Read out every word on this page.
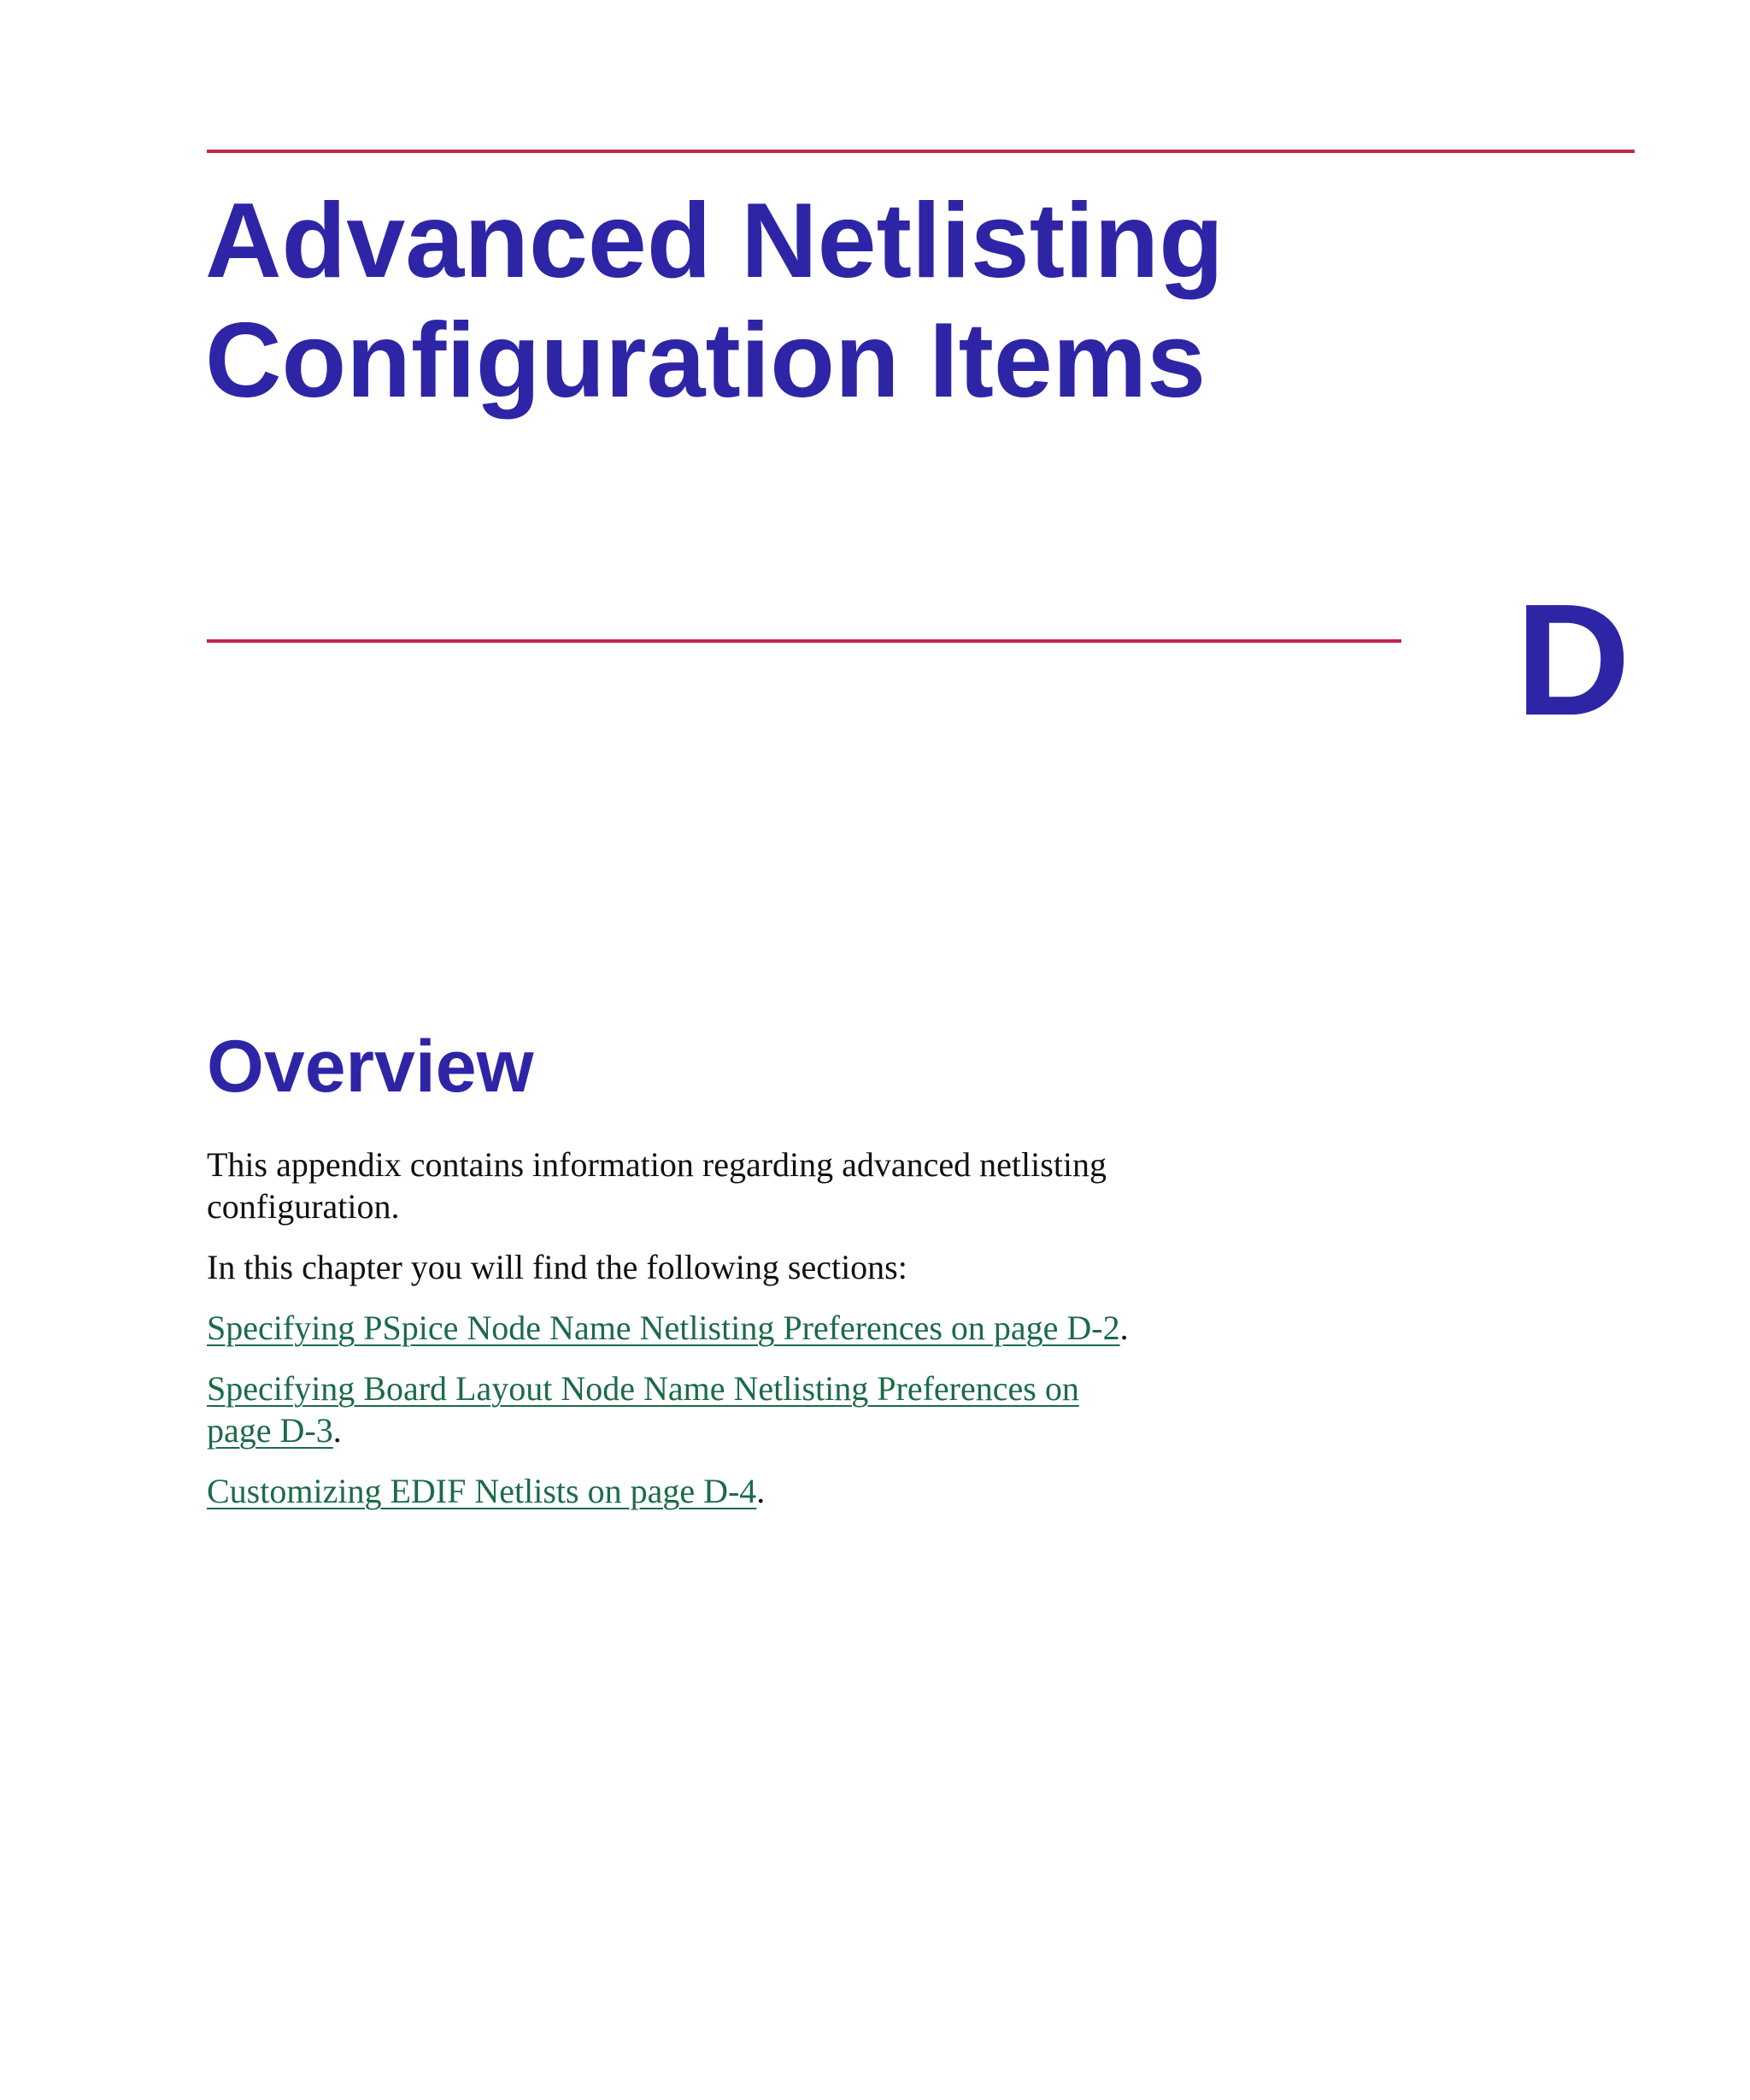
Advanced Netlisting
Configuration Items
D
Overview

This appendix contains information regarding advanced netlisting configuration.

In this chapter you will find the following sections:

Specifying PSpice Node Name Netlisting Preferences on page D-2.

Specifying Board Layout Node Name Netlisting Preferences on page D-3.

Customizing EDIF Netlists on page D-4.
